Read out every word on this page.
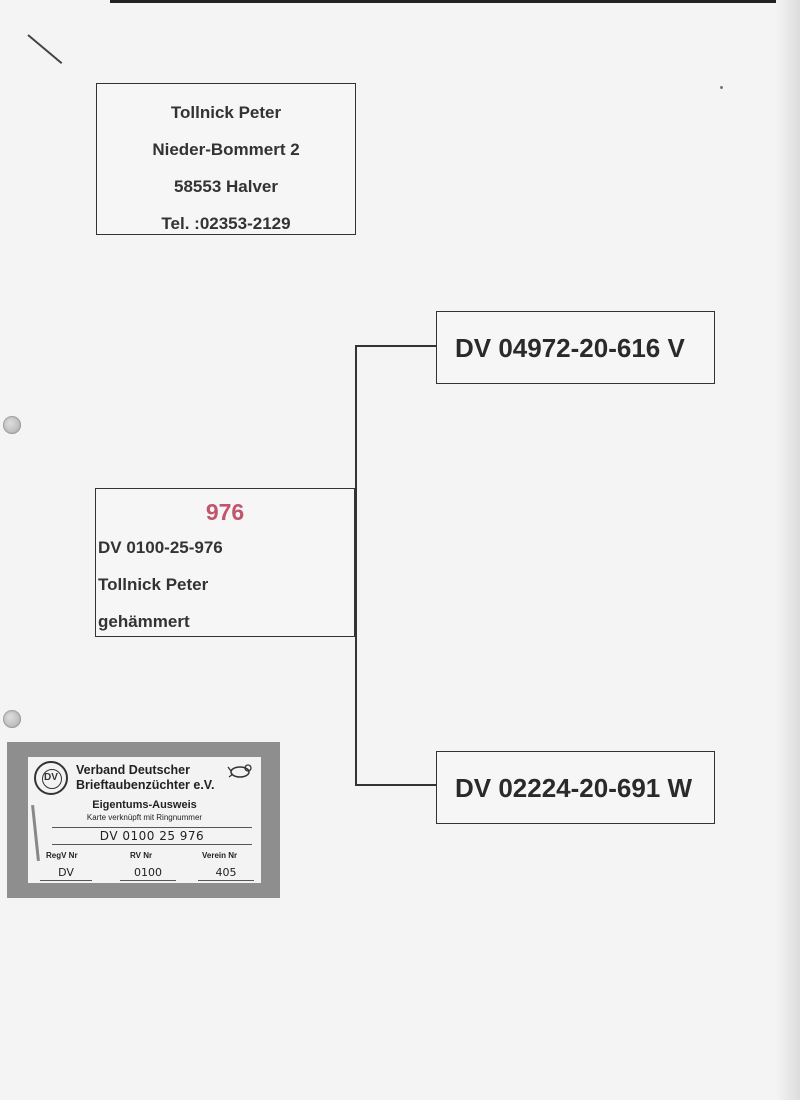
Tollnick Peter
Nieder-Bommert 2
58553 Halver
Tel. :02353-2129
DV 04972-20-616 V
976
DV 0100-25-976
Tollnick Peter
gehämmert
DV 02224-20-691 W
DV
Verband Deutscher
Brieftaubenzüchter e.V.
Eigentums-Ausweis
Karte verknüpft mit Ringnummer
DV 0100 25 976
RegV Nr	RV Nr	Verein Nr
DV	0100	405
